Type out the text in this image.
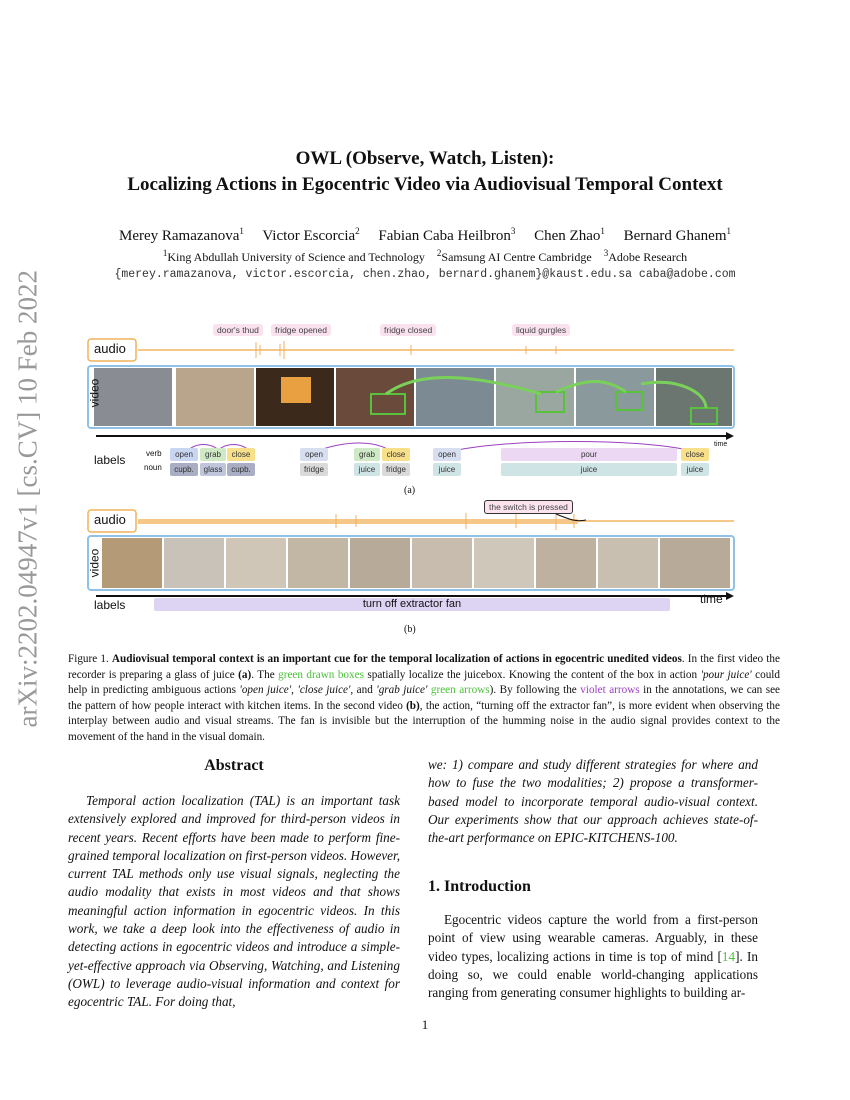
arXiv:2202.04947v1 [cs.CV] 10 Feb 2022
OWL (Observe, Watch, Listen):
Localizing Actions in Egocentric Video via Audiovisual Temporal Context
Merey Ramazanova$^1$ Victor Escorcia$^2$ Fabian Caba Heilbron$^3$ Chen Zhao$^1$ Bernard Ghanem$^1$
$^1$King Abdullah University of Science and Technology $^2$Samsung AI Centre Cambridge $^3$Adobe Research
{merey.ramazanova, victor.escorcia, chen.zhao, bernard.ghanem}@kaust.edu.sa caba@adobe.com
door's thud	fridge opened	fridge closed	liquid gurgles
audio
video
time
labels	verb
noun
open	grab	close	open	grab	close	open	pour	close
cupb.	glass	cupb.	fridge	juice	fridge	juice	juice	juice
(a)
the switch is pressed
audio
video
time
labels	turn off extractor fan
(b)
Figure 1. Audiovisual temporal context is an important cue for the temporal localization of actions in egocentric unedited videos. In the first video the recorder is preparing a glass of juice (a). The green drawn boxes spatially localize the juicebox. Knowing the content of the box in action 'pour juice' could help in predicting ambiguous actions 'open juice', 'close juice', and 'grab juice' green arrows). By following the violet arrows in the annotations, we can see the pattern of how people interact with kitchen items. In the second video (b), the action, “turning off the extractor fan”, is more evident when observing the interplay between audio and visual streams. The fan is invisible but the interruption of the humming noise in the audio signal provides context to the movement of the hand in the visual domain.
Abstract
Temporal action localization (TAL) is an important task extensively explored and improved for third-person videos in recent years. Recent efforts have been made to perform fine-grained temporal localization on first-person videos. However, current TAL methods only use visual signals, neglecting the audio modality that exists in most videos and that shows meaningful action information in egocentric videos. In this work, we take a deep look into the effectiveness of audio in detecting actions in egocentric videos and introduce a simple-yet-effective approach via Observing, Watching, and Listening (OWL) to leverage audio-visual information and context for egocentric TAL. For doing that,
we: 1) compare and study different strategies for where and how to fuse the two modalities; 2) propose a transformer-based model to incorporate temporal audio-visual context. Our experiments show that our approach achieves state-of-the-art performance on EPIC-KITCHENS-100.
1. Introduction
Egocentric videos capture the world from a first-person point of view using wearable cameras. Arguably, in these video types, localizing actions in time is top of mind [14]. In doing so, we could enable world-changing applications ranging from generating consumer highlights to building ar-
1
